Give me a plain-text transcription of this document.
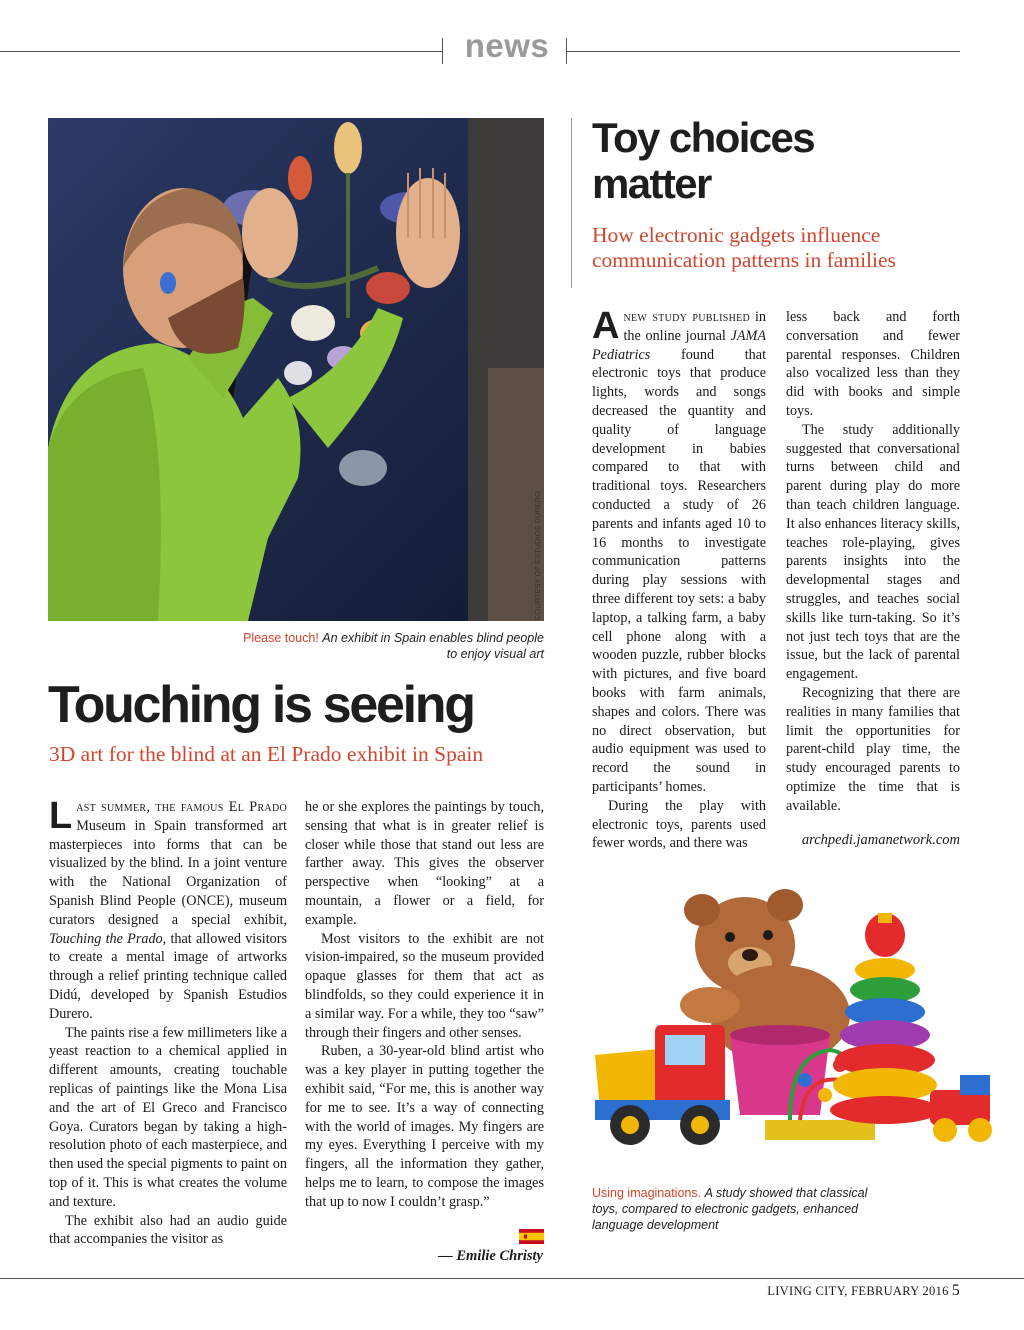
news
COURTESY OF ESTUDIOS DURERO
Please touch! An exhibit in Spain enables blind people to enjoy visual art
Touching is seeing
3D art for the blind at an El Prado exhibit in Spain

Last summer, the famous El Prado Museum in Spain transformed art masterpieces into forms that can be visualized by the blind. In a joint venture with the National Organization of Spanish Blind People (ONCE), museum curators designed a special exhibit, Touching the Prado, that allowed visitors to create a mental image of artworks through a relief printing technique called Didú, developed by Spanish Estudios Durero.

The paints rise a few millimeters like a yeast reaction to a chemical applied in different amounts, creating touchable replicas of paintings like the Mona Lisa and the art of El Greco and Francisco Goya. Curators began by taking a high-resolution photo of each masterpiece, and then used the special pigments to paint on top of it. This is what creates the volume and texture.

The exhibit also had an audio guide that accompanies the visitor as

he or she explores the paintings by touch, sensing that what is in greater relief is closer while those that stand out less are farther away. This gives the observer perspective when “looking” at a mountain, a flower or a field, for example.

Most visitors to the exhibit are not vision-impaired, so the museum provided opaque glasses for them that act as blindfolds, so they could experience it in a similar way. For a while, they too “saw” through their fingers and other senses.

Ruben, a 30-year-old blind artist who was a key player in putting together the exhibit said, “For me, this is another way for me to see. It’s a way of connecting with the world of images. My fingers are my eyes. Everything I perceive with my fingers, all the information they gather, helps me to learn, to compose the images that up to now I couldn’t grasp.”

— Emilie Christy
Toy choices
matter
How electronic gadgets influence
communication patterns in families

Anew study published in the online journal JAMA Pediatrics found that electronic toys that produce lights, words and songs decreased the quantity and quality of language development in babies compared to that with traditional toys. Researchers conducted a study of 26 parents and infants aged 10 to 16 months to investigate communication patterns during play sessions with three different toy sets: a baby laptop, a talking farm, a baby cell phone along with a wooden puzzle, rubber blocks with pictures, and five board books with farm animals, shapes and colors. There was no direct observation, but audio equipment was used to record the sound in participants’ homes.

During the play with electronic toys, parents used fewer words, and there was

less back and forth conversation and fewer parental responses. Children also vocalized less than they did with books and simple toys.

The study additionally suggested that conversational turns between child and parent during play do more than teach children language. It also enhances literacy skills, teaches role-playing, gives parents insights into the developmental stages and struggles, and teaches social skills like turn-taking. So it’s not just tech toys that are the issue, but the lack of parental engagement.

Recognizing that there are realities in many families that limit the opportunities for parent-child play time, the study encouraged parents to optimize the time that is available.

archpedi.jamanetwork.com
Using imaginations. A study showed that classical toys, compared to electronic gadgets, enhanced language development
LIVING CITY, FEBRUARY 2016 5
